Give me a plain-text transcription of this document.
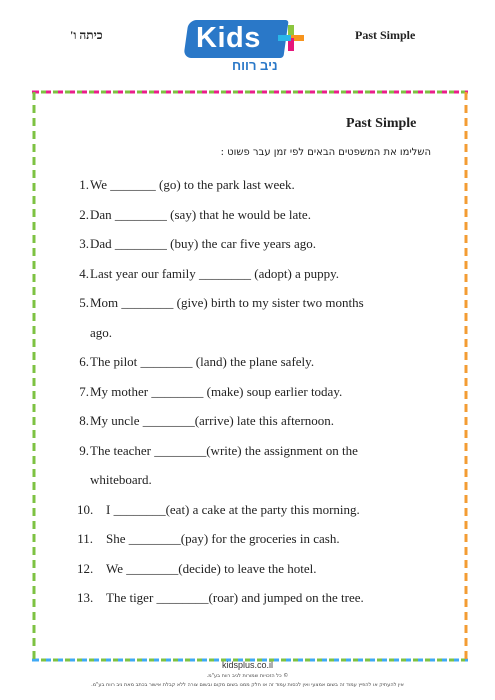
כיתה ו'	Kids
ניב רווח
Past Simple
Past Simple
השלימו את המשפטים הבאים לפי זמן עבר פשוט :
1. We _______ (go) to the park last week.
2. Dan ________ (say) that he would be late.
3. Dad ________ (buy) the car five years ago.
4. Last year our family ________ (adopt) a puppy.
5. Mom ________ (give) birth to my sister two months
ago.
6. The pilot ________ (land) the plane safely.
7. My mother ________ (make) soup earlier today.
8. My uncle ________(arrive) late this afternoon.
9. The teacher ________(write) the assignment on the
whiteboard.
10. I ________(eat) a cake at the party this morning.
11. She ________(pay) for the groceries in cash.
12. We ________(decide) to leave the hotel.
13. The tiger ________(roar) and jumped on the tree.
kidsplus.co.il
© כל הזכויות שמורות לניב רווח בע"מ.
אין להעתיק או להפיץ עמוד זה בשום אמצעי ואין לכסות עמוד זה או חלק ממנו בשום מקום ובשום צורה ללא קבלת אישור בכתב מאת ניב רווח בע"מ.
